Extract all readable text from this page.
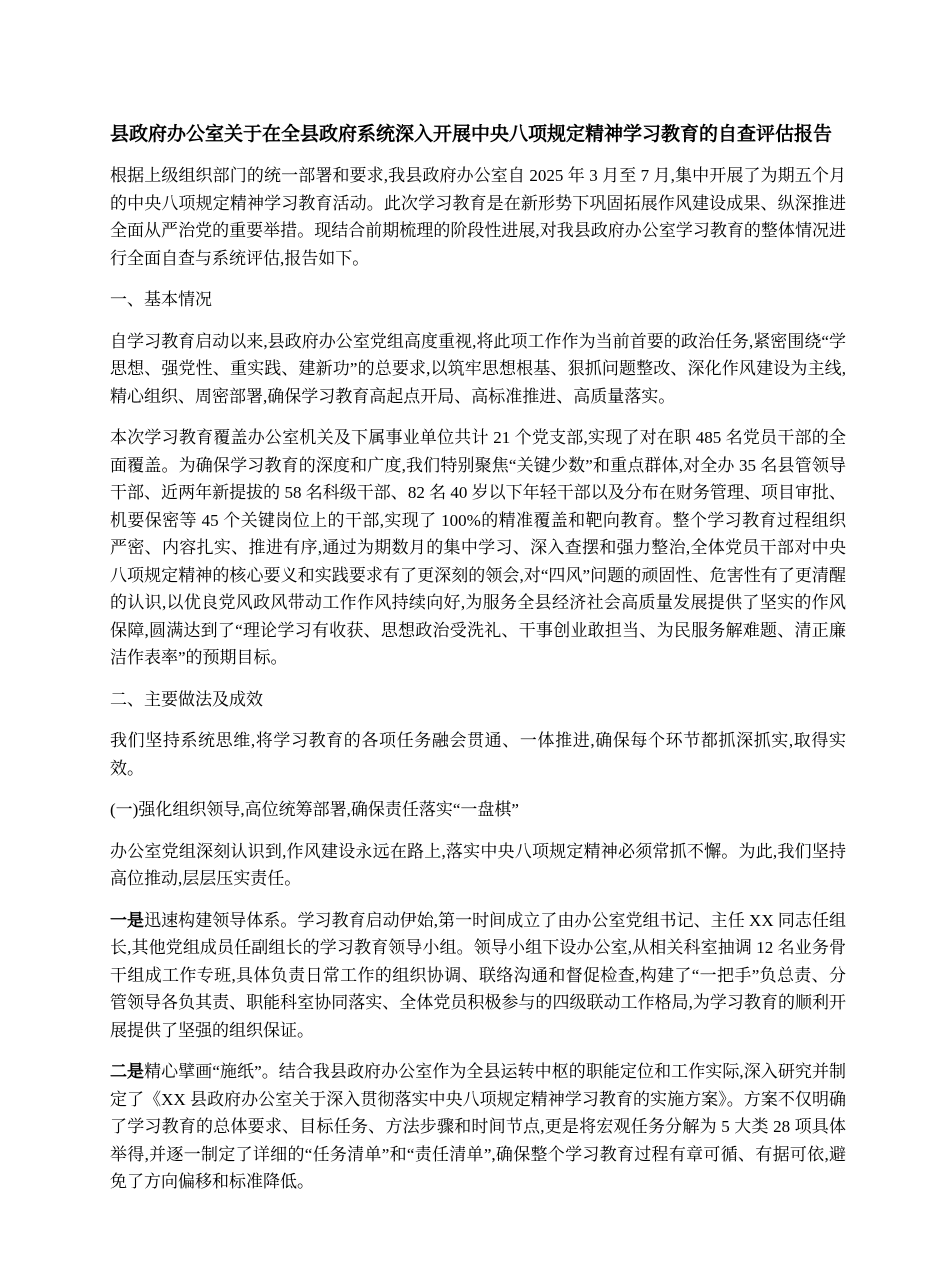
县政府办公室关于在全县政府系统深入开展中央八项规定精神学习教育的自查评估报告

根据上级组织部门的统一部署和要求,我县政府办公室自 2025 年 3 月至 7 月,集中开展了为期五个月的中央八项规定精神学习教育活动。此次学习教育是在新形势下巩固拓展作风建设成果、纵深推进全面从严治党的重要举措。现结合前期梳理的阶段性进展,对我县政府办公室学习教育的整体情况进行全面自查与系统评估,报告如下。

一、基本情况

自学习教育启动以来,县政府办公室党组高度重视,将此项工作作为当前首要的政治任务,紧密围绕“学思想、强党性、重实践、建新功”的总要求,以筑牢思想根基、狠抓问题整改、深化作风建设为主线,精心组织、周密部署,确保学习教育高起点开局、高标准推进、高质量落实。

本次学习教育覆盖办公室机关及下属事业单位共计 21 个党支部,实现了对在职 485 名党员干部的全面覆盖。为确保学习教育的深度和广度,我们特别聚焦“关键少数”和重点群体,对全办 35 名县管领导干部、近两年新提拔的 58 名科级干部、82 名 40 岁以下年轻干部以及分布在财务管理、项目审批、机要保密等 45 个关键岗位上的干部,实现了 100%的精准覆盖和靶向教育。整个学习教育过程组织严密、内容扎实、推进有序,通过为期数月的集中学习、深入查摆和强力整治,全体党员干部对中央八项规定精神的核心要义和实践要求有了更深刻的领会,对“四风”问题的顽固性、危害性有了更清醒的认识,以优良党风政风带动工作作风持续向好,为服务全县经济社会高质量发展提供了坚实的作风保障,圆满达到了“理论学习有收获、思想政治受洗礼、干事创业敢担当、为民服务解难题、清正廉洁作表率”的预期目标。

二、主要做法及成效

我们坚持系统思维,将学习教育的各项任务融会贯通、一体推进,确保每个环节都抓深抓实,取得实效。

(一)强化组织领导,高位统筹部署,确保责任落实“一盘棋”

办公室党组深刻认识到,作风建设永远在路上,落实中央八项规定精神必须常抓不懈。为此,我们坚持高位推动,层层压实责任。

一是迅速构建领导体系。学习教育启动伊始,第一时间成立了由办公室党组书记、主任 XX 同志任组长,其他党组成员任副组长的学习教育领导小组。领导小组下设办公室,从相关科室抽调 12 名业务骨干组成工作专班,具体负责日常工作的组织协调、联络沟通和督促检查,构建了“一把手”负总责、分管领导各负其责、职能科室协同落实、全体党员积极参与的四级联动工作格局,为学习教育的顺利开展提供了坚强的组织保证。

二是精心擘画“施纸”。结合我县政府办公室作为全县运转中枢的职能定位和工作实际,深入研究并制定了《XX 县政府办公室关于深入贯彻落实中央八项规定精神学习教育的实施方案》。方案不仅明确了学习教育的总体要求、目标任务、方法步骤和时间节点,更是将宏观任务分解为 5 大类 28 项具体举得,并逐一制定了详细的“任务清单”和“责任清单”,确保整个学习教育过程有章可循、有据可依,避免了方向偏移和标准降低。
